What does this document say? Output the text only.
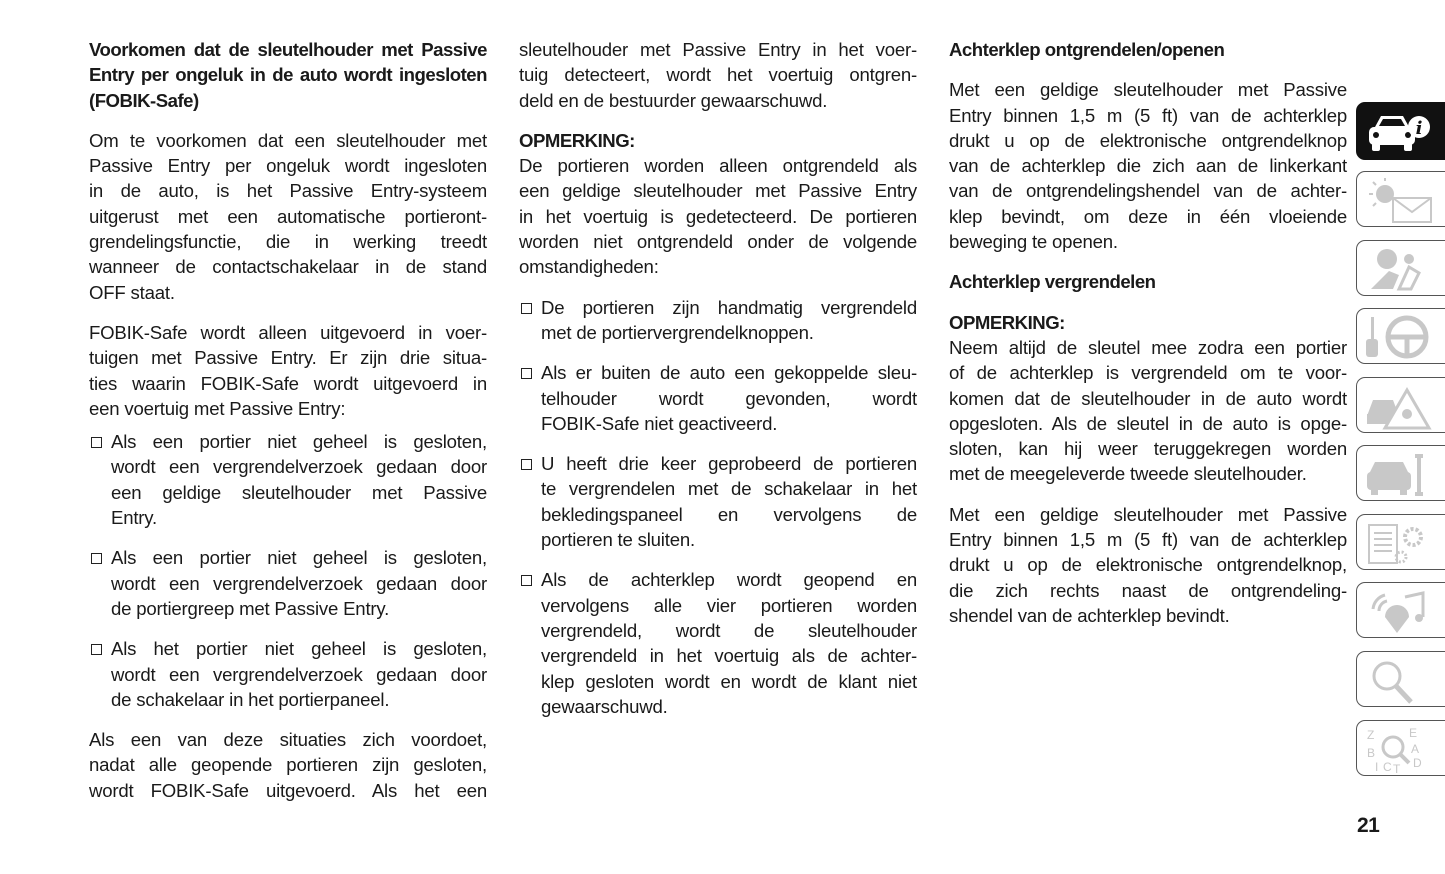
Voorkomen dat de sleutelhouder met Passive
Entry per ongeluk in de auto wordt ingesloten
(FOBIK-Safe)
Om te voorkomen dat een sleutelhouder met
Passive Entry per ongeluk wordt ingesloten
in de auto, is het Passive Entry-systeem
uitgerust met een automatische portieront-
grendelingsfunctie, die in werking treedt
wanneer de contactschakelaar in de stand
OFF staat.
FOBIK-Safe wordt alleen uitgevoerd in voer-
tuigen met Passive Entry. Er zijn drie situa-
ties waarin FOBIK-Safe wordt uitgevoerd in
een voertuig met Passive Entry:
Als een portier niet geheel is gesloten,
wordt een vergrendelverzoek gedaan door
een geldige sleutelhouder met Passive
Entry.
Als een portier niet geheel is gesloten,
wordt een vergrendelverzoek gedaan door
de portiergreep met Passive Entry.
Als het portier niet geheel is gesloten,
wordt een vergrendelverzoek gedaan door
de schakelaar in het portierpaneel.
Als een van deze situaties zich voordoet,
nadat alle geopende portieren zijn gesloten,
wordt FOBIK-Safe uitgevoerd. Als het een
sleutelhouder met Passive Entry in het voer-
tuig detecteert, wordt het voertuig ontgren-
deld en de bestuurder gewaarschuwd.
OPMERKING:
De portieren worden alleen ontgrendeld als
een geldige sleutelhouder met Passive Entry
in het voertuig is gedetecteerd. De portieren
worden niet ontgrendeld onder de volgende
omstandigheden:
De portieren zijn handmatig vergrendeld
met de portiervergrendelknoppen.
Als er buiten de auto een gekoppelde sleu-
telhouder wordt gevonden, wordt
FOBIK-Safe niet geactiveerd.
U heeft drie keer geprobeerd de portieren
te vergrendelen met de schakelaar in het
bekledingspaneel en vervolgens de
portieren te sluiten.
Als de achterklep wordt geopend en
vervolgens alle vier portieren worden
vergrendeld, wordt de sleutelhouder
vergrendeld in het voertuig als de achter-
klep gesloten wordt en wordt de klant niet
gewaarschuwd.
Achterklep ontgrendelen/openen
Met een geldige sleutelhouder met Passive
Entry binnen 1,5 m (5 ft) van de achterklep
drukt u op de elektronische ontgrendelknop
van de achterklep die zich aan de linkerkant
van de ontgrendelingshendel van de achter-
klep bevindt, om deze in één vloeiende
beweging te openen.
Achterklep vergrendelen
OPMERKING:
Neem altijd de sleutel mee zodra een portier
of de achterklep is vergrendeld om te voor-
komen dat de sleutelhouder in de auto wordt
opgesloten. Als de sleutel in de auto is opge-
sloten, kan hij weer teruggekregen worden
met de meegeleverde tweede sleutelhouder.
Met een geldige sleutelhouder met Passive
Entry binnen 1,5 m (5 ft) van de achterklep
drukt u op de elektronische ontgrendelknop,
die zich rechts naast de ontgrendeling-
shendel van de achterklep bevindt.
i
Z	E B	A I CT D
21
